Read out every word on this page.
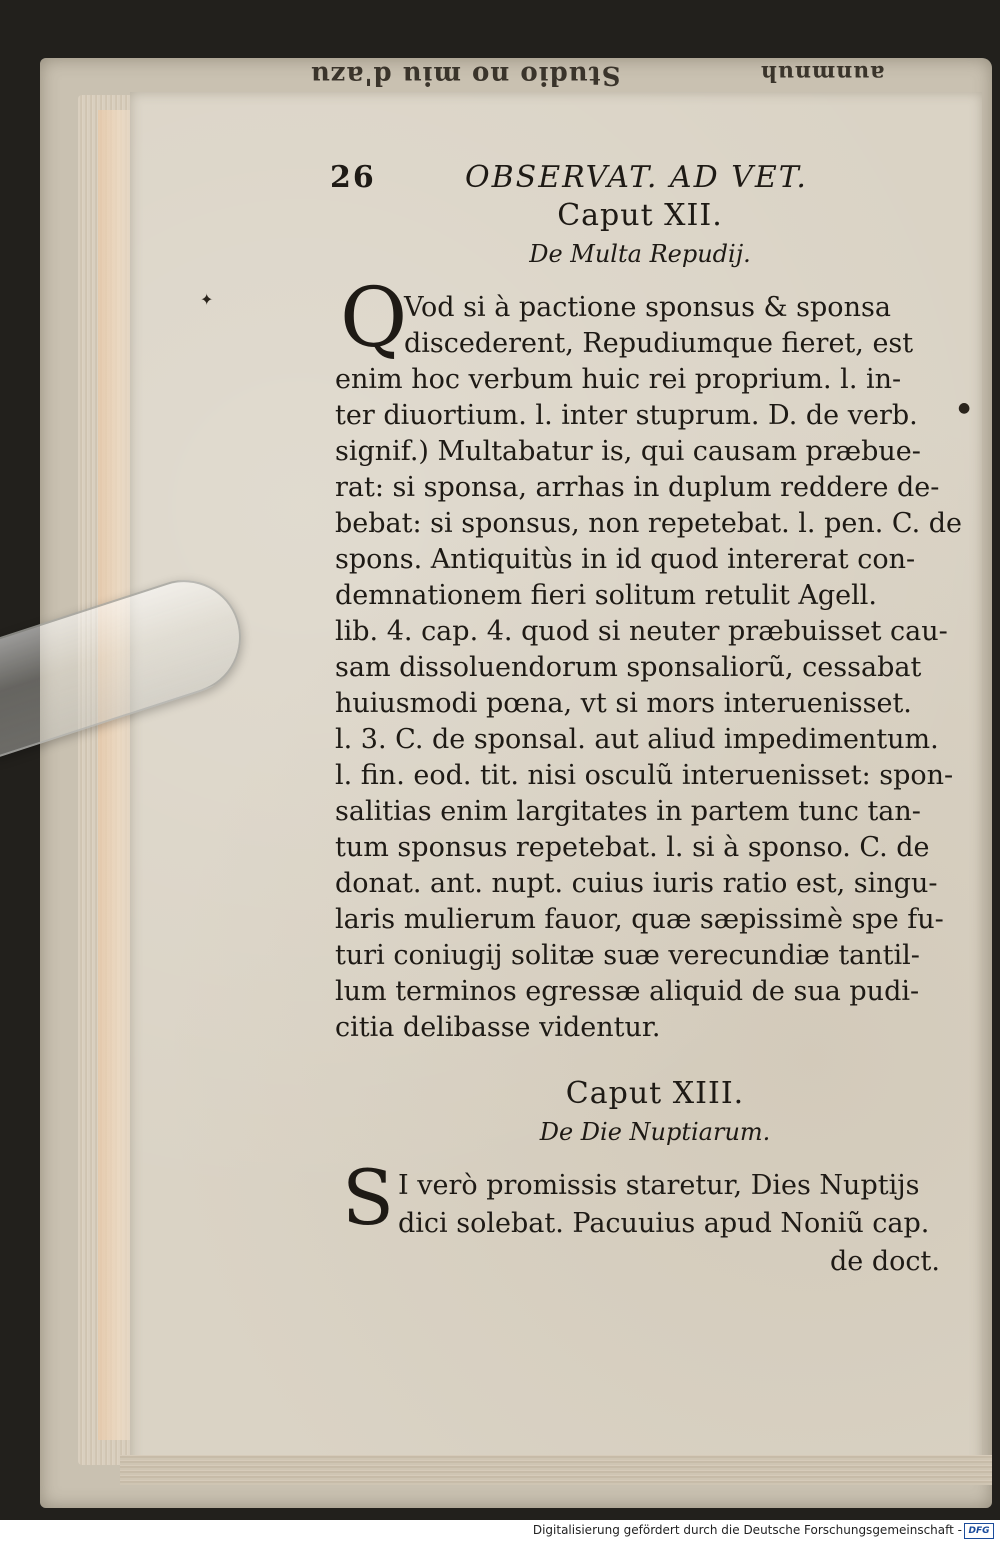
Studio no miu d'azu	aunmnuh
26	OBSERVAT. AD VET.
Caput XII.
De Multa Repudij.
Q
Vod si à pactione sponsus & sponsa
discederent, Repudiumque fieret, est
enim hoc verbum huic rei proprium. l. in-
ter diuortium. l. inter stuprum. D. de verb.
signif.) Multabatur is, qui causam præbue-
rat: si sponsa, arrhas in duplum reddere de-
bebat: si sponsus, non repetebat. l. pen. C. de
spons. Antiquitùs in id quod intererat con-
demnationem fieri solitum retulit Agell.
lib. 4. cap. 4. quod si neuter præbuisset cau-
sam dissoluendorum sponsaliorũ, cessabat
huiusmodi pœna, vt si mors interuenisset.
l. 3. C. de sponsal. aut aliud impedimentum.
l. fin. eod. tit. nisi osculũ interuenisset: spon-
salitias enim largitates in partem tunc tan-
tum sponsus repetebat. l. si à sponso. C. de
donat. ant. nupt. cuius iuris ratio est, singu-
laris mulierum fauor, quæ sæpissimè spe fu-
turi coniugij solitæ suæ verecundiæ tantil-
lum terminos egressæ aliquid de sua pudi-
citia delibasse videntur.
Caput XIII.
De Die Nuptiarum.
S I verò promissis staretur, Dies Nuptijs
dici solebat. Pacuuius apud Noniũ cap.
de doct.
✦
●
Digitalisierung gefördert durch die Deutsche Forschungsgemeinschaft - DFG
